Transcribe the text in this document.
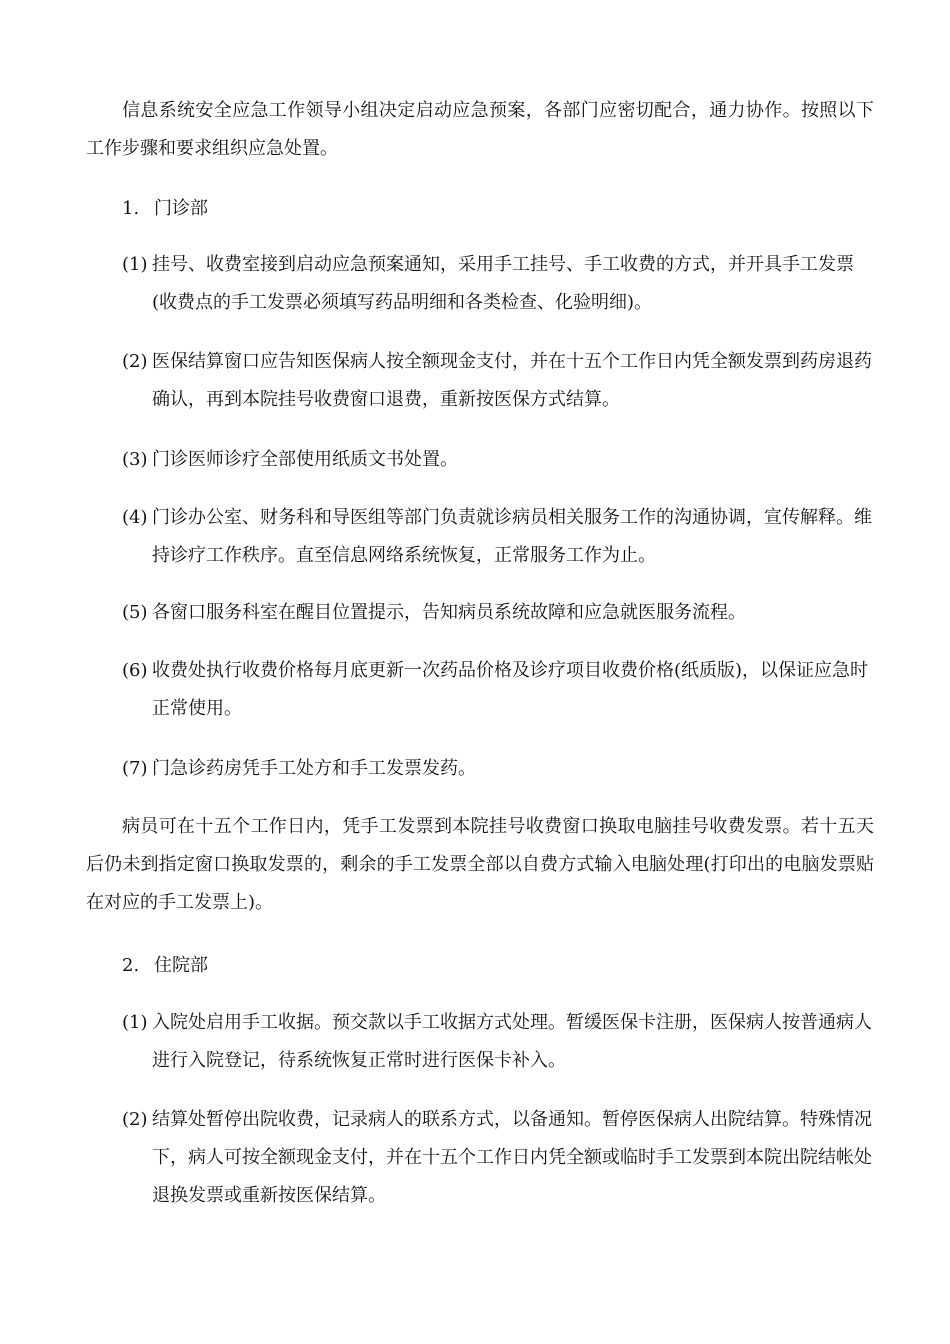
信息系统安全应急工作领导小组决定启动应急预案，各部门应密切配合，通力协作。按照以下工作步骤和要求组织应急处置。

1. 门诊部

(1) 挂号、收费室接到启动应急预案通知，采用手工挂号、手工收费的方式，并开具手工发票(收费点的手工发票必须填写药品明细和各类检查、化验明细)。

(2) 医保结算窗口应告知医保病人按全额现金支付，并在十五个工作日内凭全额发票到药房退药确认，再到本院挂号收费窗口退费，重新按医保方式结算。

(3) 门诊医师诊疗全部使用纸质文书处置。

(4) 门诊办公室、财务科和导医组等部门负责就诊病员相关服务工作的沟通协调，宣传解释。维持诊疗工作秩序。直至信息网络系统恢复，正常服务工作为止。

(5) 各窗口服务科室在醒目位置提示，告知病员系统故障和应急就医服务流程。

(6) 收费处执行收费价格每月底更新一次药品价格及诊疗项目收费价格(纸质版)，以保证应急时正常使用。

(7) 门急诊药房凭手工处方和手工发票发药。

病员可在十五个工作日内，凭手工发票到本院挂号收费窗口换取电脑挂号收费发票。若十五天后仍未到指定窗口换取发票的，剩余的手工发票全部以自费方式输入电脑处理(打印出的电脑发票贴在对应的手工发票上)。

2. 住院部

(1) 入院处启用手工收据。预交款以手工收据方式处理。暂缓医保卡注册，医保病人按普通病人进行入院登记，待系统恢复正常时进行医保卡补入。

(2) 结算处暂停出院收费，记录病人的联系方式，以备通知。暂停医保病人出院结算。特殊情况下，病人可按全额现金支付，并在十五个工作日内凭全额或临时手工发票到本院出院结帐处退换发票或重新按医保结算。
